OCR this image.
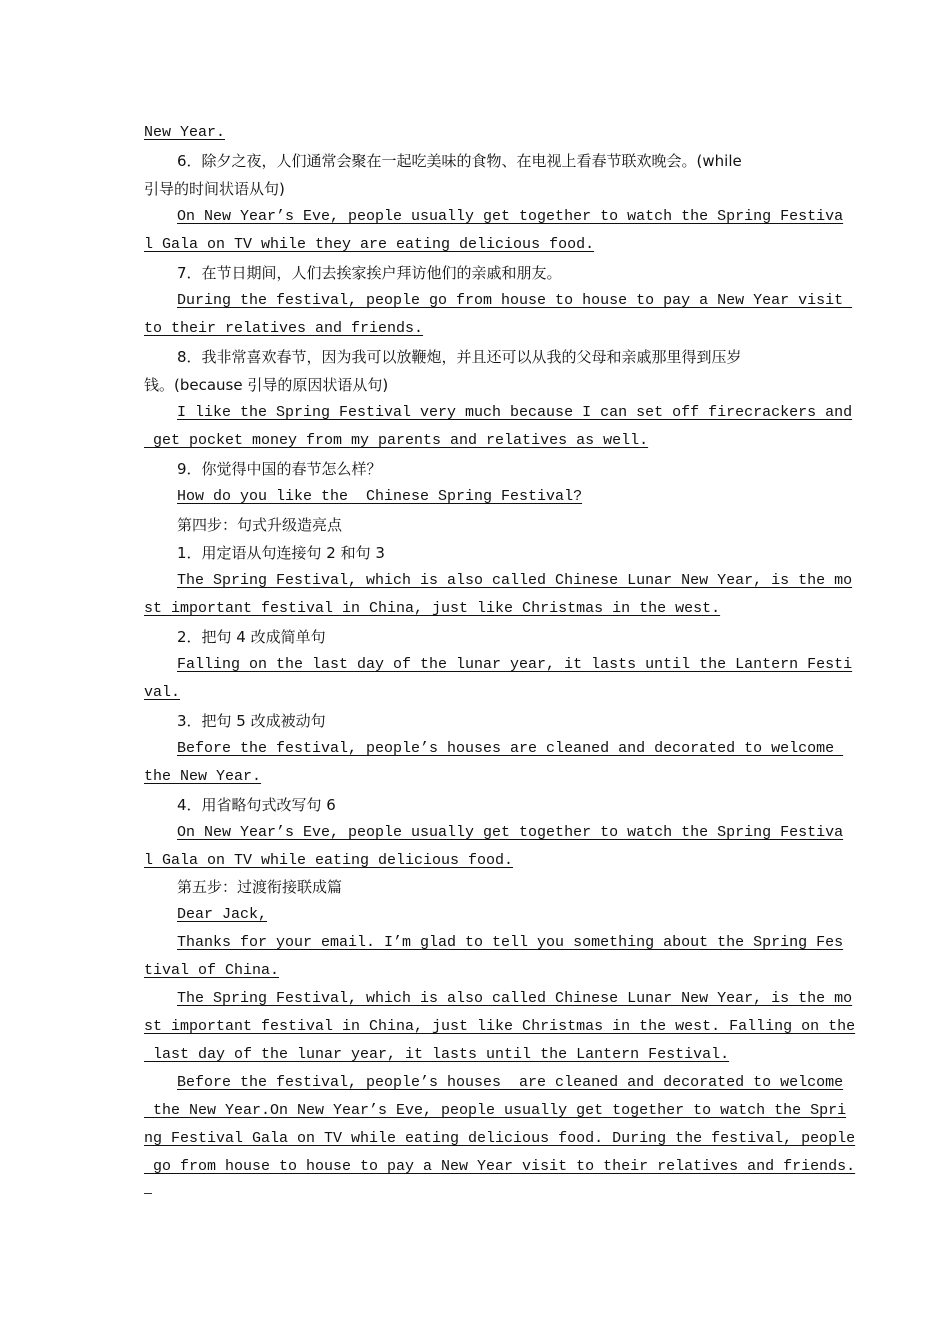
New Year.
6．除夕之夜，人们通常会聚在一起吃美味的食物、在电视上看春节联欢晚会。(while
引导的时间状语从句)
On New Year’s Eve, people usually get together to watch the Spring Festiva
l Gala on TV while they are eating delicious food.
7．在节日期间，人们去挨家挨户拜访他们的亲戚和朋友。
During the festival, people go from house to house to pay a New Year visit
to their relatives and friends.
8．我非常喜欢春节，因为我可以放鞭炮，并且还可以从我的父母和亲戚那里得到压岁
钱。(because 引导的原因状语从句)
I like the Spring Festival very much because I can set off firecrackers and
get pocket money from my parents and relatives as well.
9．你觉得中国的春节怎么样？
How do you like the  Chinese Spring Festival?
第四步：句式升级造亮点
1．用定语从句连接句 2 和句 3
The Spring Festival, which is also called Chinese Lunar New Year, is the mo
st important festival in China, just like Christmas in the west.
2．把句 4 改成简单句
Falling on the last day of the lunar year, it lasts until the Lantern Festi
val.
3．把句 5 改成被动句
Before the festival, people’s houses are cleaned and decorated to welcome
the New Year.
4．用省略句式改写句 6
On New Year’s Eve, people usually get together to watch the Spring Festiva
l Gala on TV while eating delicious food.
第五步：过渡衔接联成篇
Dear Jack,
Thanks for your email. I’m glad to tell you something about the Spring Fes
tival of China.
The Spring Festival, which is also called Chinese Lunar New Year, is the mo
st important festival in China, just like Christmas in the west. Falling on the
last day of the lunar year, it lasts until the Lantern Festival.
Before the festival, people’s houses  are cleaned and decorated to welcome
the New Year.On New Year’s Eve, people usually get together to watch the Spri
ng Festival Gala on TV while eating delicious food. During the festival, people
go from house to house to pay a New Year visit to their relatives and friends.
